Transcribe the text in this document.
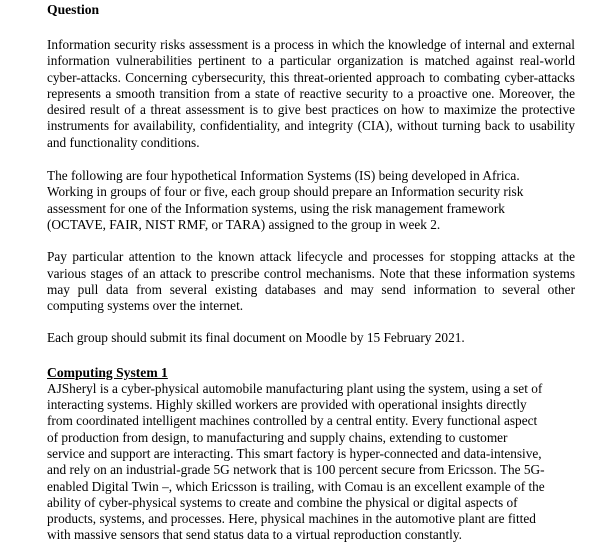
Question

Information security risks assessment is a process in which the knowledge of internal and external information vulnerabilities pertinent to a particular organization is matched against real-world cyber-attacks. Concerning cybersecurity, this threat-oriented approach to combating cyber-attacks represents a smooth transition from a state of reactive security to a proactive one. Moreover, the desired result of a threat assessment is to give best practices on how to maximize the protective instruments for availability, confidentiality, and integrity (CIA), without turning back to usability and functionality conditions.

The following are four hypothetical Information Systems (IS) being developed in Africa.
Working in groups of four or five, each group should prepare an Information security risk
assessment for one of the Information systems, using the risk management framework
(OCTAVE, FAIR, NIST RMF, or TARA) assigned to the group in week 2.

Pay particular attention to the known attack lifecycle and processes for stopping attacks at the various stages of an attack to prescribe control mechanisms. Note that these information systems may pull data from several existing databases and may send information to several other computing systems over the internet.

Each group should submit its final document on Moodle by 15 February 2021.

Computing System 1

AJSheryl is a cyber-physical automobile manufacturing plant using the system, using a set of
interacting systems. Highly skilled workers are provided with operational insights directly
from coordinated intelligent machines controlled by a central entity. Every functional aspect
of production from design, to manufacturing and supply chains, extending to customer
service and support are interacting. This smart factory is hyper-connected and data-intensive,
and rely on an industrial-grade 5G network that is 100 percent secure from Ericsson. The 5G-
enabled Digital Twin –, which Ericsson is trailing, with Comau is an excellent example of the
ability of cyber-physical systems to create and combine the physical or digital aspects of
products, systems, and processes. Here, physical machines in the automotive plant are fitted
with massive sensors that send status data to a virtual reproduction constantly.
